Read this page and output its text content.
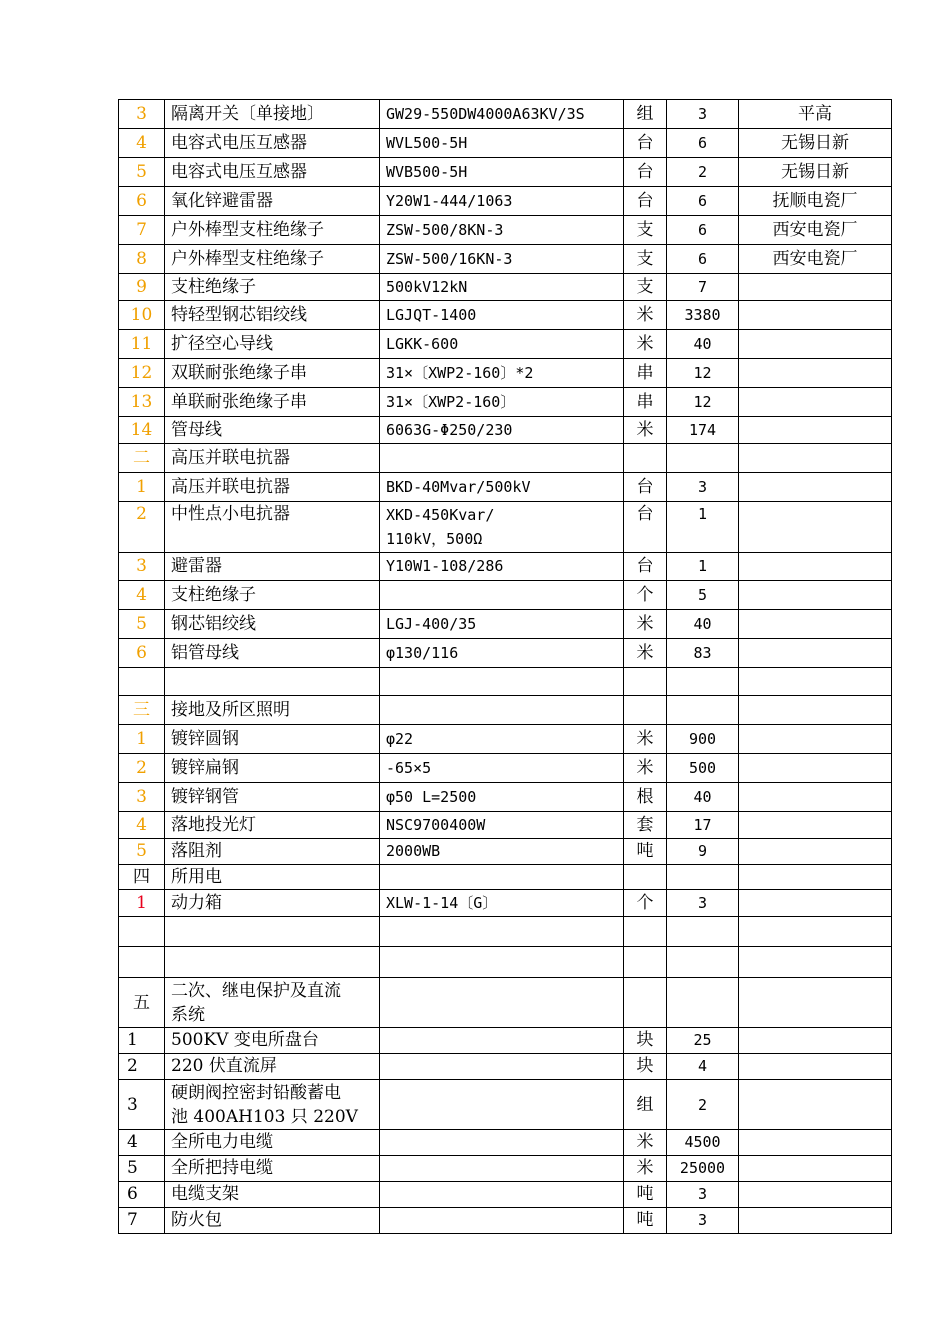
3	隔离开关〔单接地〕	GW29-550DW4000A63KV/3S	组	3	平高
4	电容式电压互感器	WVL500-5H	台	6	无锡日新
5	电容式电压互感器	WVB500-5H	台	2	无锡日新
6	氧化锌避雷器	Y20W1-444/1063	台	6	抚顺电瓷厂
7	户外棒型支柱绝缘子	ZSW-500/8KN-3	支	6	西安电瓷厂
8	户外棒型支柱绝缘子	ZSW-500/16KN-3	支	6	西安电瓷厂
9	支柱绝缘子	500kV12kN	支	7	
10	特轻型钢芯铝绞线	LGJQT-1400	米	3380	
11	扩径空心导线	LGKK-600	米	40	
12	双联耐张绝缘子串	31×〔XWP2-160〕*2	串	12	
13	单联耐张绝缘子串	31×〔XWP2-160〕	串	12	
14	管母线	6063G-Φ250/230	米	174	
二	高压并联电抗器				
1	高压并联电抗器	BKD-40Mvar/500kV	台	3	
2	中性点小电抗器	XKD-450Kvar/
110kV，500Ω	台	1	
3	避雷器	Y10W1-108/286	台	1	
4	支柱绝缘子		个	5	
5	钢芯铝绞线	LGJ-400/35	米	40	
6	铝管母线	φ130/116	米	83	

三	接地及所区照明				
1	镀锌圆钢	φ22	米	900	
2	镀锌扁钢	-65×5	米	500	
3	镀锌钢管	φ50 L=2500	根	40	
4	落地投光灯	NSC9700400W	套	17	
5	落阻剂	2000WB	吨	9	
四	所用电				
1	动力箱	XLW-1-14〔G〕	个	3	

五	二次、继电保护及直流
系统				
1	500KV 变电所盘台		块	25	
2	220 伏直流屏		块	4	
3	硬朗阀控密封铅酸蓄电
池 400AH103 只 220V		组	2	
4	全所电力电缆		米	4500	
5	全所把持电缆		米	25000	
6	电缆支架		吨	3	
7	防火包		吨	3	
